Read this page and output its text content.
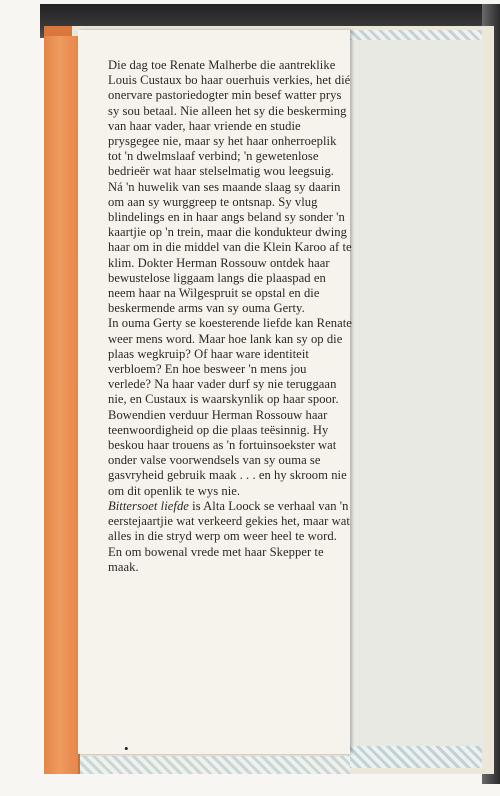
Die dag toe Renate Malherbe die aantreklike Louis Custaux bo haar ouerhuis verkies, het dié onervare pastoriedogter min besef watter prys sy sou betaal. Nie alleen het sy die beskerming van haar vader, haar vriende en studie prysgegee nie, maar sy het haar onherroeplik tot 'n dwelmslaaf verbind; 'n gewetenlose bedrieër wat haar stelselmatig wou leegsuig.

Ná 'n huwelik van ses maande slaag sy daarin om aan sy wurggreep te ontsnap. Sy vlug blindelings en in haar angs beland sy sonder 'n kaartjie op 'n trein, maar die kondukteur dwing haar om in die middel van die Klein Karoo af te klim. Dokter Herman Rossouw ontdek haar bewustelose liggaam langs die plaaspad en neem haar na Wilgespruit se opstal en die beskermende arms van sy ouma Gerty.

In ouma Gerty se koesterende liefde kan Renate weer mens word. Maar hoe lank kan sy op die plaas wegkruip? Of haar ware identiteit verbloem? En hoe besweer 'n mens jou verlede? Na haar vader durf sy nie teruggaan nie, en Custaux is waarskynlik op haar spoor. Bowendien verduur Herman Rossouw haar teenwoordigheid op die plaas teësinnig. Hy beskou haar trouens as 'n fortuinsoekster wat onder valse voorwendsels van sy ouma se gasvryheid gebruik maak . . . en hy skroom nie om dit openlik te wys nie.

Bittersoet liefde is Alta Loock se verhaal van 'n eerstejaartjie wat verkeerd gekies het, maar wat alles in die stryd werp om weer heel te word. En om bowenal vrede met haar Skepper te maak.

•
